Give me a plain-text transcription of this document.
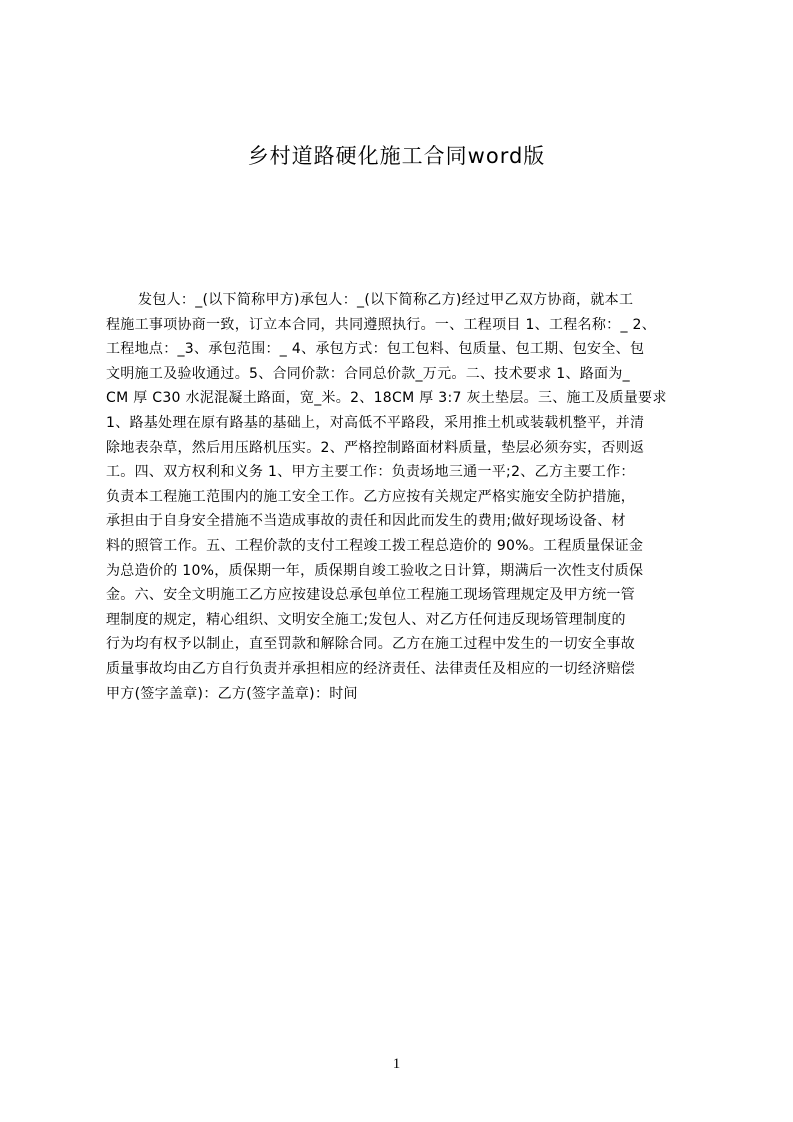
乡村道路硬化施工合同word版
发包人：_(以下简称甲方)承包人：_(以下简称乙方)经过甲乙双方协商，就本工
程施工事项协商一致，订立本合同，共同遵照执行。一、工程项目 1、工程名称：_ 2、
工程地点：_3、承包范围：_ 4、承包方式：包工包料、包质量、包工期、包安全、包
文明施工及验收通过。5、合同价款：合同总价款_万元。二、技术要求 1、路面为_
CM 厚 C30 水泥混凝土路面，宽_米。2、18CM 厚 3:7 灰土垫层。三、施工及质量要求
1、路基处理在原有路基的基础上，对高低不平路段，采用推土机或装载机整平，并清
除地表杂草，然后用压路机压实。2、严格控制路面材料质量，垫层必须夯实，否则返
工。四、双方权利和义务 1、甲方主要工作：负责场地三通一平;2、乙方主要工作：
负责本工程施工范围内的施工安全工作。乙方应按有关规定严格实施安全防护措施，
承担由于自身安全措施不当造成事故的责任和因此而发生的费用;做好现场设备、材
料的照管工作。五、工程价款的支付工程竣工拨工程总造价的 90%。工程质量保证金
为总造价的 10%，质保期一年，质保期自竣工验收之日计算，期满后一次性支付质保
金。六、安全文明施工乙方应按建设总承包单位工程施工现场管理规定及甲方统一管
理制度的规定，精心组织、文明安全施工;发包人、对乙方任何违反现场管理制度的
行为均有权予以制止，直至罚款和解除合同。乙方在施工过程中发生的一切安全事故
质量事故均由乙方自行负责并承担相应的经济责任、法律责任及相应的一切经济赔偿
甲方(签字盖章)：乙方(签字盖章)：时间
1
